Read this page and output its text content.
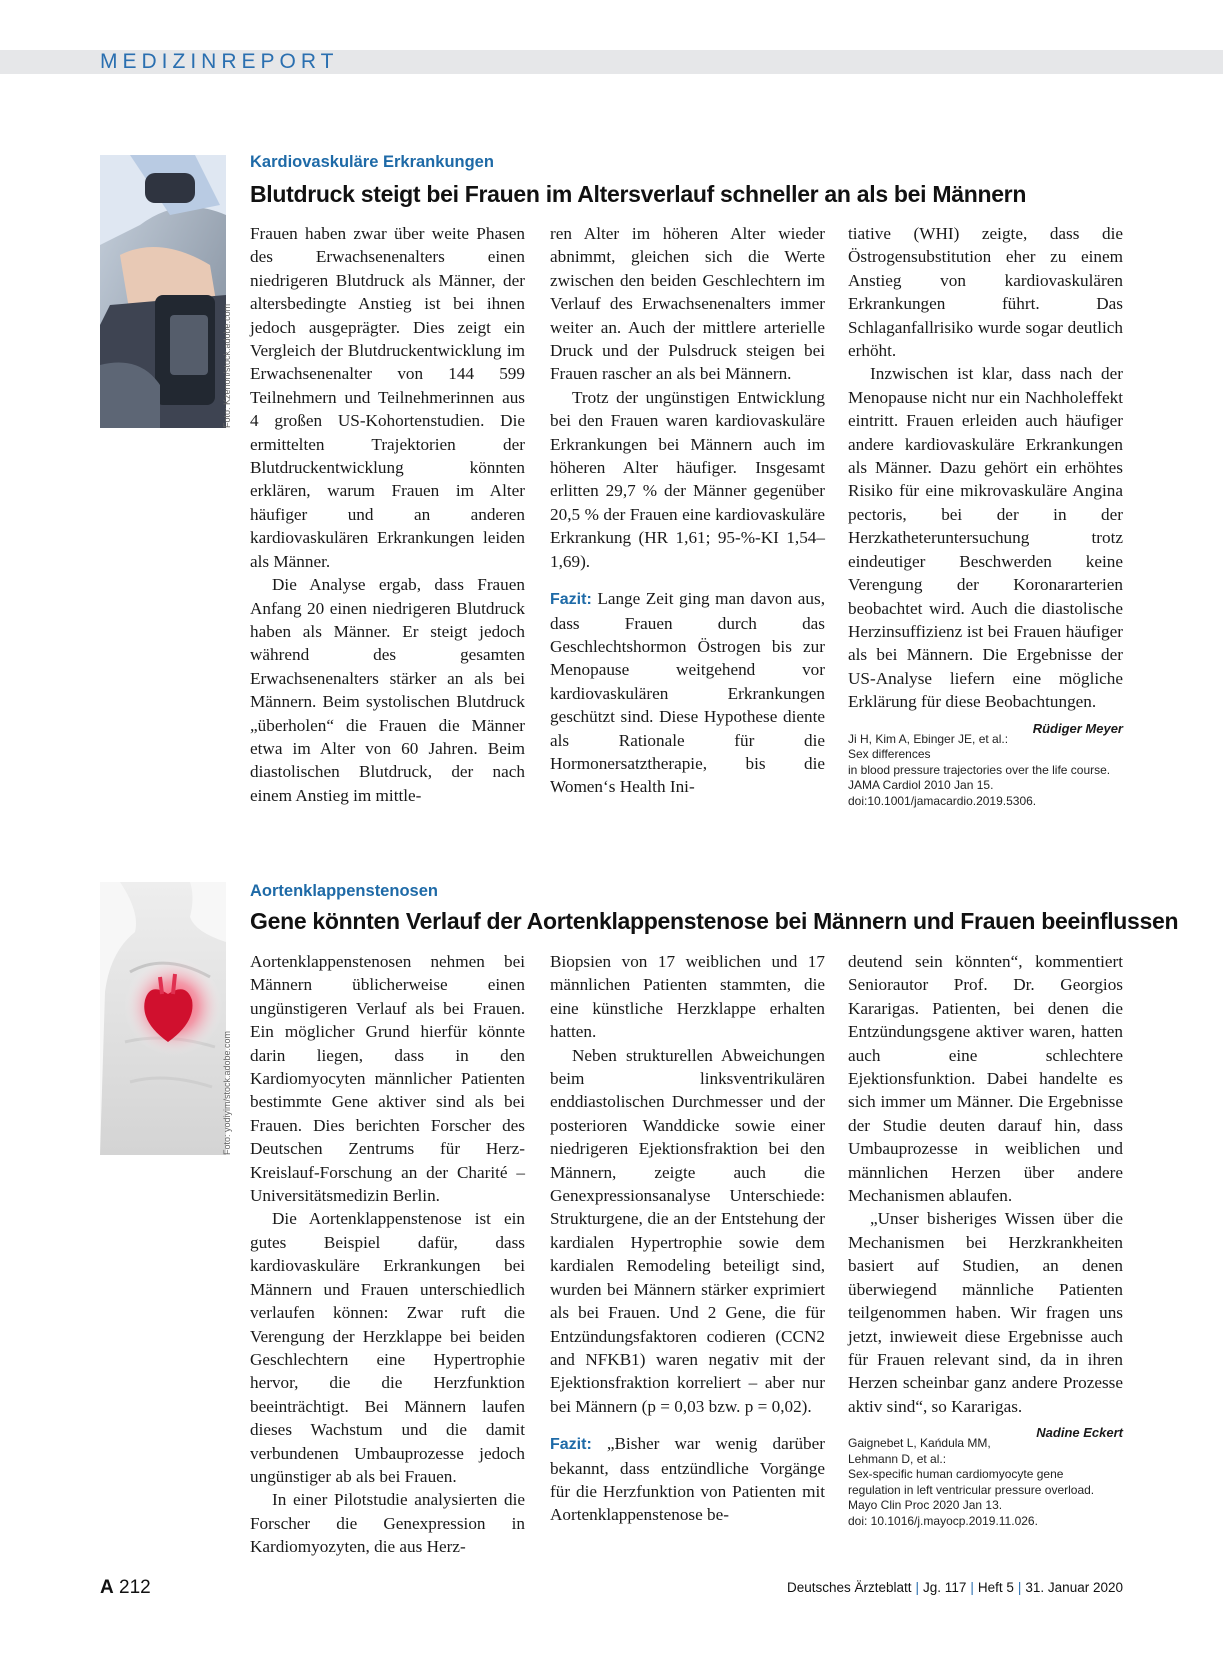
MEDIZINREPORT
Foto: Kzenon/stock.adobe.com
Kardiovaskuläre Erkrankungen
Blutdruck steigt bei Frauen im Altersverlauf schneller an als bei Männern

Frauen haben zwar über weite Phasen des Erwachsenenalters einen niedrigeren Blutdruck als Männer, der altersbedingte Anstieg ist bei ihnen jedoch ausgeprägter. Dies zeigt ein Vergleich der Blutdruckentwicklung im Erwachsenenalter von 144 599 Teilnehmern und Teilnehmerinnen aus 4 großen US-Kohortenstudien. Die ermittelten Trajektorien der Blutdruckentwicklung könnten erklären, warum Frauen im Alter häufiger und an anderen kardiovaskulären Erkrankungen leiden als Männer.

Die Analyse ergab, dass Frauen Anfang 20 einen niedrigeren Blutdruck haben als Männer. Er steigt jedoch während des gesamten Erwachsenenalters stärker an als bei Männern. Beim systolischen Blutdruck „überholen“ die Frauen die Männer etwa im Alter von 60 Jahren. Beim diastolischen Blutdruck, der nach einem Anstieg im mittle-

ren Alter im höheren Alter wieder abnimmt, gleichen sich die Werte zwischen den beiden Geschlechtern im Verlauf des Erwachsenenalters immer weiter an. Auch der mittlere arterielle Druck und der Pulsdruck steigen bei Frauen rascher an als bei Männern.

Trotz der ungünstigen Entwicklung bei den Frauen waren kardiovaskuläre Erkrankungen bei Männern auch im höheren Alter häufiger. Insgesamt erlitten 29,7 % der Männer gegenüber 20,5 % der Frauen eine kardiovaskuläre Erkrankung (HR 1,61; 95-%-KI 1,54–1,69).

Fazit: Lange Zeit ging man davon aus, dass Frauen durch das Geschlechtshormon Östrogen bis zur Menopause weitgehend vor kardiovaskulären Erkrankungen geschützt sind. Diese Hypothese diente als Rationale für die Hormonersatztherapie, bis die Women‘s Health Ini-

tiative (WHI) zeigte, dass die Östrogensubstitution eher zu einem Anstieg von kardiovaskulären Erkrankungen führt. Das Schlaganfallrisiko wurde sogar deutlich erhöht.

Inzwischen ist klar, dass nach der Menopause nicht nur ein Nachholeffekt eintritt. Frauen erleiden auch häufiger andere kardiovaskuläre Erkrankungen als Männer. Dazu gehört ein erhöhtes Risiko für eine mikrovaskuläre Angina pectoris, bei der in der Herzkatheteruntersuchung trotz eindeutiger Beschwerden keine Verengung der Koronararterien beobachtet wird. Auch die diastolische Herzinsuffizienz ist bei Frauen häufiger als bei Männern. Die Ergebnisse der US-Analyse liefern eine mögliche Erklärung für diese Beobachtungen.
Rüdiger Meyer

Ji H, Kim A, Ebinger JE, et al.: Sex differences
in blood pressure trajectories over the life course.
JAMA Cardiol 2010 Jan 15.
doi:10.1001/jamacardio.2019.5306.
Foto: yodiyim/stock.adobe.com
Aortenklappenstenosen
Gene könnten Verlauf der Aortenklappenstenose bei Männern und Frauen beeinflussen

Aortenklappenstenosen nehmen bei Männern üblicherweise einen ungünstigeren Verlauf als bei Frauen. Ein möglicher Grund hierfür könnte darin liegen, dass in den Kardiomyocyten männlicher Patienten bestimmte Gene aktiver sind als bei Frauen. Dies berichten Forscher des Deutschen Zentrums für Herz-Kreislauf-Forschung an der Charité – Universitätsmedizin Berlin.

Die Aortenklappenstenose ist ein gutes Beispiel dafür, dass kardiovaskuläre Erkrankungen bei Männern und Frauen unterschiedlich verlaufen können: Zwar ruft die Verengung der Herzklappe bei beiden Geschlechtern eine Hypertrophie hervor, die die Herzfunktion beeinträchtigt. Bei Männern laufen dieses Wachstum und die damit verbundenen Umbauprozesse jedoch ungünstiger ab als bei Frauen.

In einer Pilotstudie analysierten die Forscher die Genexpression in Kardiomyozyten, die aus Herz-

Biopsien von 17 weiblichen und 17 männlichen Patienten stammten, die eine künstliche Herzklappe erhalten hatten.

Neben strukturellen Abweichungen beim linksventrikulären enddiastolischen Durchmesser und der posterioren Wanddicke sowie einer niedrigeren Ejektionsfraktion bei den Männern, zeigte auch die Genexpressionsanalyse Unterschiede: Strukturgene, die an der Entstehung der kardialen Hypertrophie sowie dem kardialen Remodeling beteiligt sind, wurden bei Männern stärker exprimiert als bei Frauen. Und 2 Gene, die für Entzündungsfaktoren codieren (CCN2 and NFKB1) waren negativ mit der Ejektionsfraktion korreliert – aber nur bei Männern (p = 0,03 bzw. p = 0,02).

Fazit: „Bisher war wenig darüber bekannt, dass entzündliche Vorgänge für die Herzfunktion von Patienten mit Aortenklappenstenose be-

deutend sein könnten“, kommentiert Seniorautor Prof. Dr. Georgios Kararigas. Patienten, bei denen die Entzündungsgene aktiver waren, hatten auch eine schlechtere Ejektionsfunktion. Dabei handelte es sich immer um Männer. Die Ergebnisse der Studie deuten darauf hin, dass Umbauprozesse in weiblichen und männlichen Herzen über andere Mechanismen ablaufen.

„Unser bisheriges Wissen über die Mechanismen bei Herzkrankheiten basiert auf Studien, an denen überwiegend männliche Patienten teilgenommen haben. Wir fragen uns jetzt, inwieweit diese Ergebnisse auch für Frauen relevant sind, da in ihren Herzen scheinbar ganz andere Prozesse aktiv sind“, so Kararigas.
Nadine Eckert

Gaignebet L, Kańdula MM, Lehmann D, et al.:
Sex-specific human cardiomyocyte gene
regulation in left ventricular pressure overload.
Mayo Clin Proc 2020 Jan 13.
doi: 10.1016/j.mayocp.2019.11.026.
A 212	Deutsches Ärzteblatt | Jg. 117 | Heft 5 | 31. Januar 2020
